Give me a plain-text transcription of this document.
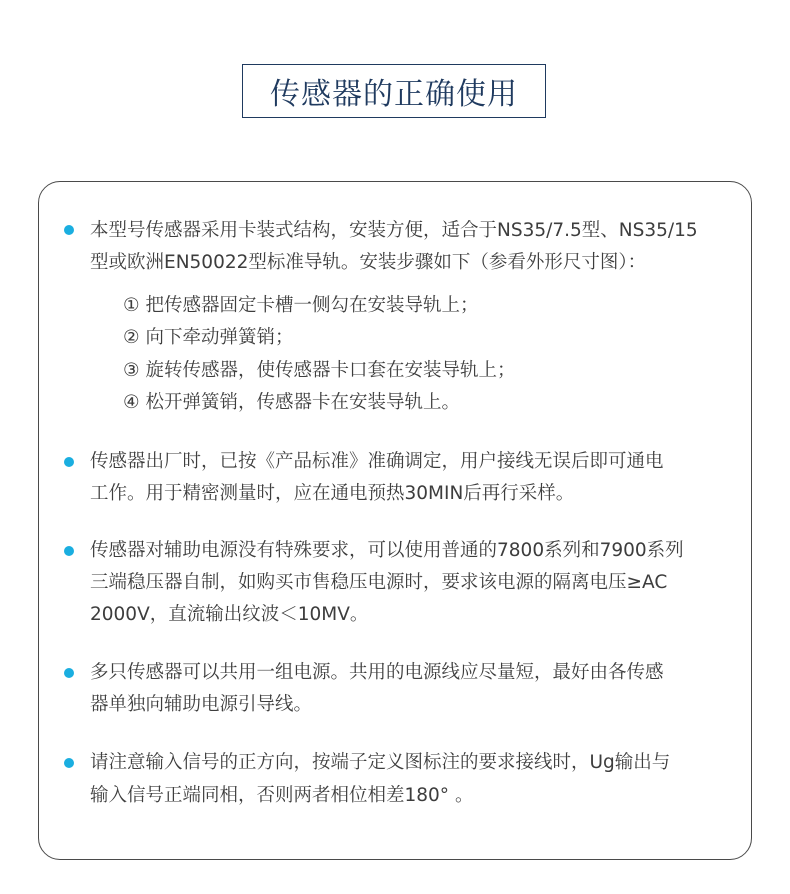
传感器的正确使用
本型号传感器采用卡装式结构，安装方便，适合于NS35/7.5型、NS35/15
型或欧洲EN50022型标准导轨。安装步骤如下（参看外形尺寸图）：
① 把传感器固定卡槽一侧勾在安装导轨上；
② 向下牵动弹簧销；
③ 旋转传感器，使传感器卡口套在安装导轨上；
④ 松开弹簧销，传感器卡在安装导轨上。
传感器出厂时，已按《产品标准》准确调定，用户接线无误后即可通电
工作。用于精密测量时，应在通电预热30MIN后再行采样。
传感器对辅助电源没有特殊要求，可以使用普通的7800系列和7900系列
三端稳压器自制，如购买市售稳压电源时，要求该电源的隔离电压≥AC
2000V，直流输出纹波＜10MV。
多只传感器可以共用一组电源。共用的电源线应尽量短，最好由各传感
器单独向辅助电源引导线。
请注意输入信号的正方向，按端子定义图标注的要求接线时，Ug输出与
输入信号正端同相，否则两者相位相差180° 。
